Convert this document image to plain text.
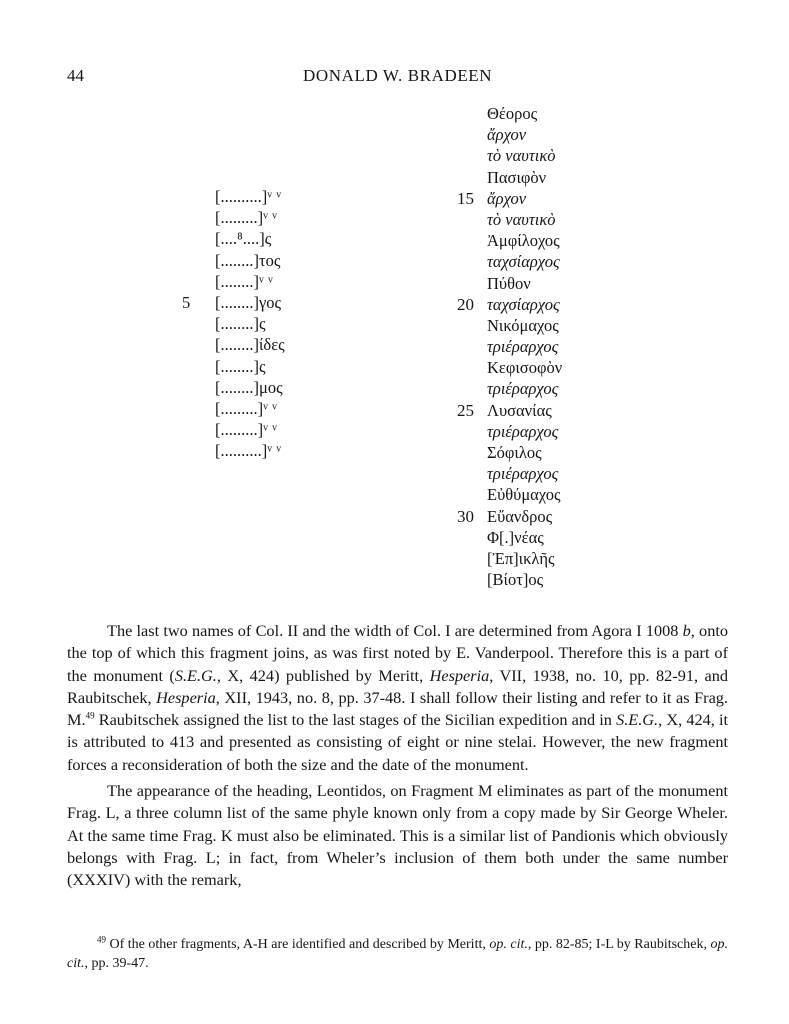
44	DONALD W. BRADEEN
[..........]ᵛ ᵛ
[.........]ᵛ ᵛ
[....⁸....]ς
[........]τος
[........]ᵛ ᵛ
5	[........]γος
[........]ς
[........]ίδες
[........]ς
[........]μος
[.........]ᵛ ᵛ
[.........]ᵛ ᵛ
[..........]ᵛ ᵛ
Θέορος
ἄρχον
τὸ ναυτικὸ
Πασιφὸν
15 ἄρχον
τὸ ναυτικὸ
Ἀμφίλοχος
ταχσίαρχος
Πύθον
20 ταχσίαρχος
Νικόμαχος
τριέραρχος
Κεφισοφὸν
τριέραρχος
25 Λυσανίας
τριέραρχος
Σόφιλος
τριέραρχος
Εὐθύμαχος
30 Εὔανδρος
Φ[.]νέας
[Ἐπ]ικλῆς
[Βίοτ]ος

The last two names of Col. II and the width of Col. I are determined from Agora I 1008 b, onto the top of which this fragment joins, as was first noted by E. Vanderpool. Therefore this is a part of the monument (S.E.G., X, 424) published by Meritt, Hesperia, VII, 1938, no. 10, pp. 82-91, and Raubitschek, Hesperia, XII, 1943, no. 8, pp. 37-48. I shall follow their listing and refer to it as Frag. M.$^{49}$ Raubitschek assigned the list to the last stages of the Sicilian expedition and in S.E.G., X, 424, it is attributed to 413 and presented as consisting of eight or nine stelai. However, the new fragment forces a reconsideration of both the size and the date of the monument.

The appearance of the heading, Leontidos, on Fragment M eliminates as part of the monument Frag. L, a three column list of the same phyle known only from a copy made by Sir George Wheler. At the same time Frag. K must also be eliminated. This is a similar list of Pandionis which obviously belongs with Frag. L; in fact, from Wheler’s inclusion of them both under the same number (XXXIV) with the remark,

$^{49}$ Of the other fragments, A-H are identified and described by Meritt, op. cit., pp. 82-85; I-L by Raubitschek, op. cit., pp. 39-47.
